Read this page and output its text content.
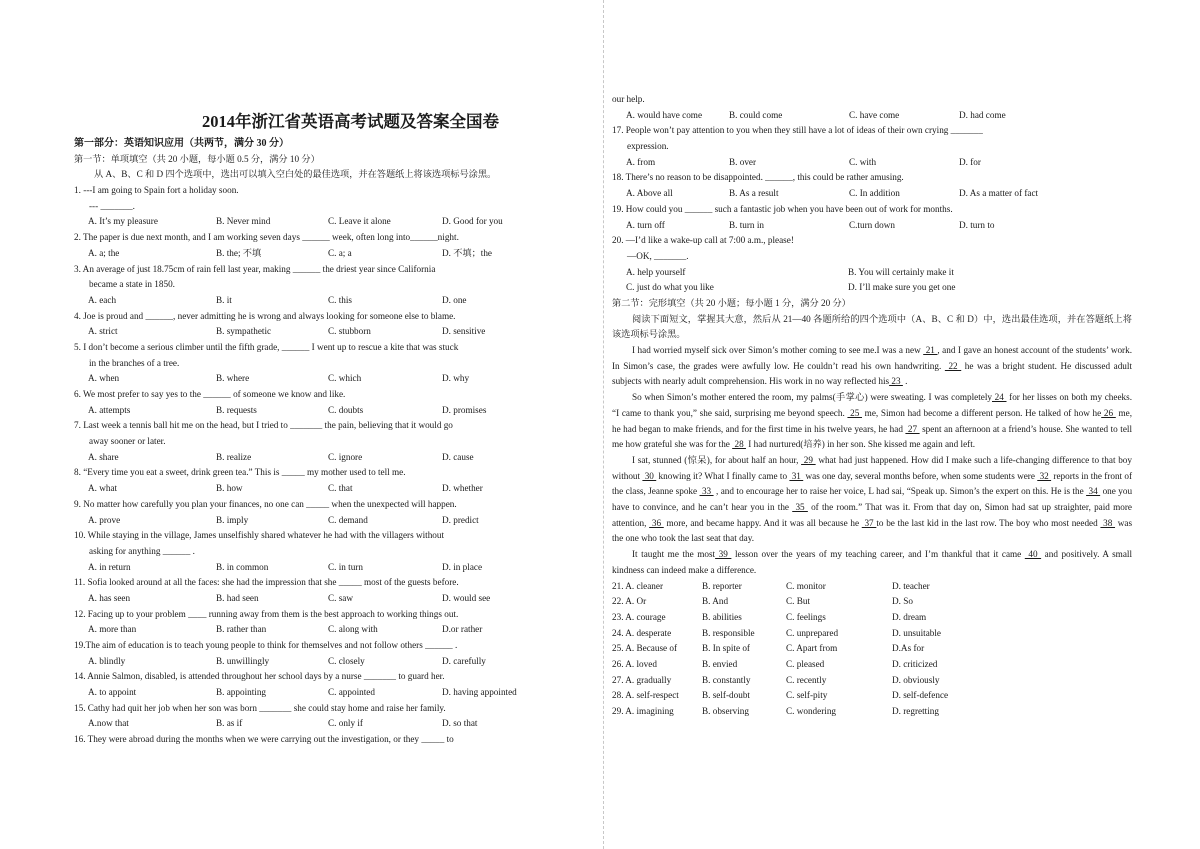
2014年浙江省英语高考试题及答案全国卷
第一部分：英语知识应用（共两节，满分 30 分）
第一节：单项填空（共 20 小题，每小题 0.5 分，满分 10 分）
从 A、B、C 和 D 四个选项中，选出可以填入空白处的最佳选项，并在答题纸上将该选项标号涂黑。
1. ---I am going to Spain fort a holiday soon.
--- _______.
A. It’s my pleasure	B. Never mind	C. Leave it alone	D. Good for you
2. The paper is due next month, and I am working seven days ______ week, often long into______night.
A. a; the	B. the; 不填	C. a; a	D. 不填；the
3. An average of just 18.75cm of rain fell last year, making ______ the driest year since California
became a state in 1850.
A. each	B. it	C. this	D. one
4. Joe is proud and ______, never admitting he is wrong and always looking for someone else to blame.
A. strict	B. sympathetic	C. stubborn	D. sensitive
5. I don’t become a serious climber until the fifth grade, ______ I went up to rescue a kite that was stuck
in the branches of a tree.
A. when	B. where	C. which	D. why
6. We most prefer to say yes to the ______ of someone we know and like.
A. attempts	B. requests	C. doubts	D. promises
7. Last week a tennis ball hit me on the head, but I tried to _______ the pain, believing that it would go
away sooner or later.
A. share	B. realize	C. ignore	D. cause
8. “Every time you eat a sweet, drink green tea.” This is _____ my mother used to tell me.
A. what	B. how	C. that	D. whether
9. No matter how carefully you plan your finances, no one can _____ when the unexpected will happen.
A. prove	B. imply	C. demand	D. predict
10. While staying in the village, James unselfishly shared whatever he had with the villagers without
asking for anything ______ .
A. in return	B. in common	C. in turn	D. in place
11. Sofia looked around at all the faces: she had the impression that she _____ most of the guests before.
A. has seen	B. had seen	C. saw	D. would see
12. Facing up to your problem ____ running away from them is the best approach to working things out.
A. more than	B. rather than	C. along with	D.or rather
19.The aim of education is to teach young people to think for themselves and not follow others ______ .
A. blindly	B. unwillingly	C. closely	D. carefully
14. Annie Salmon, disabled, is attended throughout her school days by a nurse _______ to guard her.
A. to appoint	B. appointing	C. appointed	D. having appointed
15. Cathy had quit her job when her son was born _______ she could stay home and raise her family.
A.now that	B. as if	C. only if	D. so that
16. They were abroad during the months when we were carrying out the investigation, or they _____ to
our help.
A. would have come	B. could come	C. have come	D. had come
17. People won’t pay attention to you when they still have a lot of ideas of their own crying _______
expression.
A. from	B. over	C. with	D. for
18. There’s no reason to be disappointed. ______, this could be rather amusing.
A. Above all	B. As a result	C. In addition	D. As a matter of fact
19. How could you ______ such a fantastic job when you have been out of work for months.
A. turn off	B. turn in	C.turn down	D. turn to
20. —I’d like a wake-up call at 7:00 a.m., please!
—OK, _______.
A. help yourself	B. You will certainly make it
C. just do what you like	D. I’ll make sure you get one
第二节：完形填空（共 20 小题；每小题 1 分，满分 20 分）
阅读下面短文，掌握其大意，然后从 21—40 各题所给的四个选项中（A、B、C 和 D）中，选出最佳选项，并在答题纸上将该选项标号涂黑。
I had worried myself sick over Simon’s mother coming to see me.I was a new  21 , and I gave an honest account of the students’ work. In Simon’s case, the grades were awfully low. He couldn’t read his own handwriting.  22  he was a bright student. He discussed adult subjects with nearly adult comprehension. His work in no way reflected his 23  .
So when Simon’s mother entered the room, my palms(手掌心) were sweating. I was completely 24  for her lisses on both my cheeks. “I came to thank you,” she said, surprising me beyond speech.  25  me, Simon had become a different person. He talked of how he 26  me, he had began to make friends, and for the first time in his twelve years, he had  27  spent an afternoon at a friend’s house. She wanted to tell me how grateful she was for the  28  I had nurtured(培养) in her son. She kissed me again and left.
I sat, stunned (惊呆), for about half an hour,  29  what had just happened. How did I make such a life-changing difference to that boy without  30  knowing it? What I finally came to  31  was one day, several months before, when some students were  32  reports in the front of the class, Jeanne spoke  33  , and to encourage her to raise her voice, L had sai, “Speak up. Simon’s the expert on this. He is the  34  one you have to convince, and he can’t hear you in the  35  of the room.” That was it. From that day on, Simon had sat up straighter, paid more attention,  36  more, and became happy. And it was all because he  37 to be the last kid in the last row. The boy who most needed  38  was the one who took the last seat that day.
It taught me the most 39  lesson over the years of my teaching career, and I’m thankful that it came  40  and positively. A small kindness can indeed make a difference.
21. A. cleaner	B. reporter	C. monitor	D. teacher
22. A. Or	B. And	C. But	D. So
23. A. courage	B. abilities	C. feelings	D. dream
24. A. desperate	B. responsible	C. unprepared	D. unsuitable
25. A. Because of	B. In spite of	C. Apart from	D.As for
26. A. loved	B. envied	C. pleased	D. criticized
27. A. gradually	B. constantly	C. recently	D. obviously
28. A. self-respect	B. self-doubt	C. self-pity	D. self-defence
29. A. imagining	B. observing	C. wondering	D. regretting
